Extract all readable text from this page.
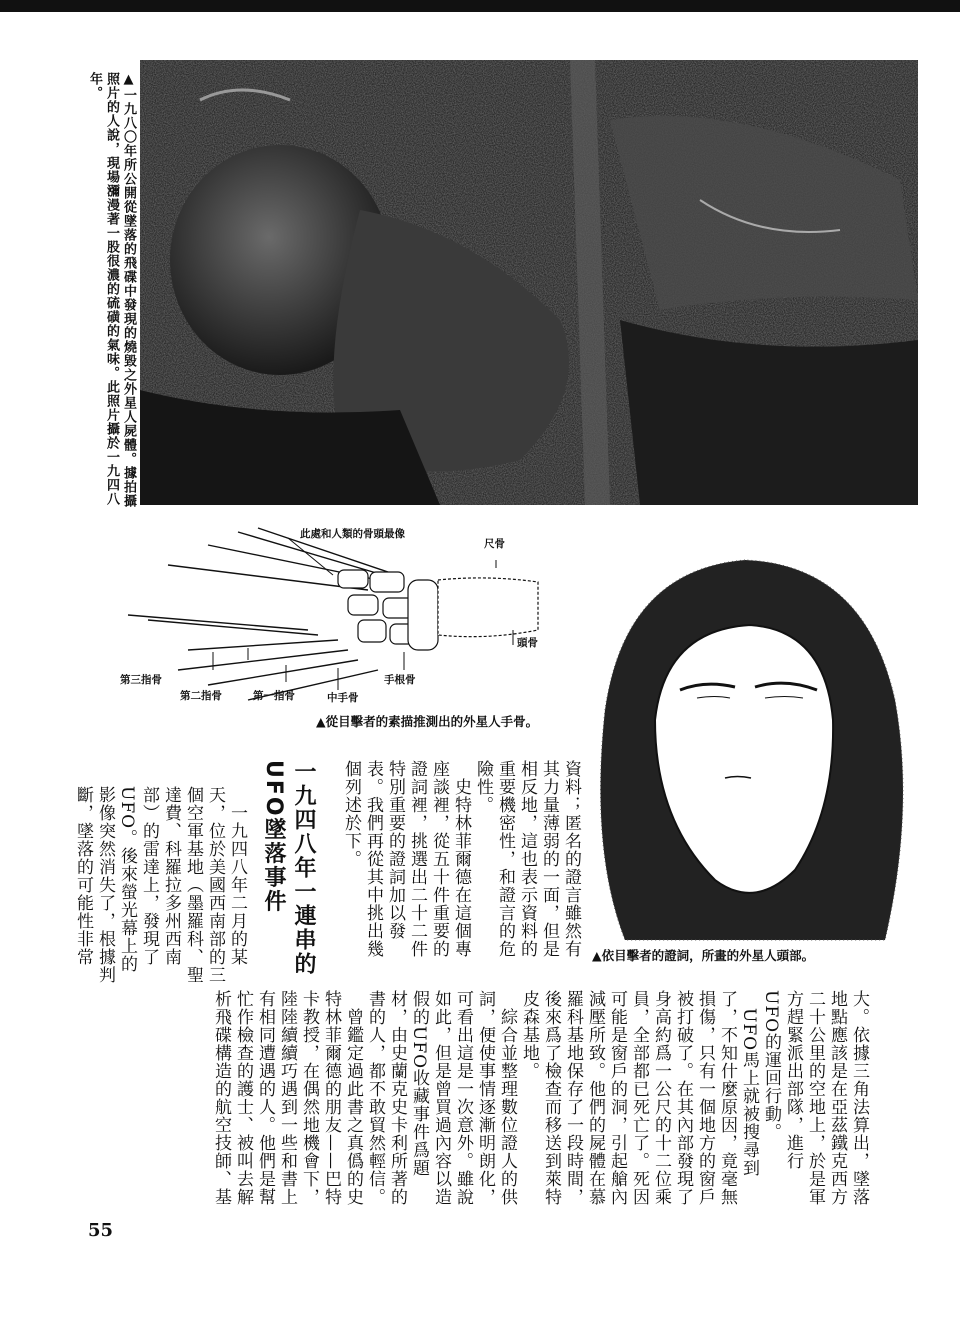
▲一九八〇年所公開從墜落的飛碟中發現的燒毀之外星人屍體。據拍攝照片的人說，現場瀰漫著一股很濃的硫磺的氣味。此照片攝於一九四八年。
此處和人類的骨頭最像
尺骨
頭骨
第三指骨
第二指骨	第一指骨	中手骨
手根骨
▲從目擊者的素描推測出的外星人手骨。
▲依目擊者的證詞，所畫的外星人頭部。
資料；匿名的證言雖然有其力量薄弱的一面，但是相反地，這也表示資料的重要機密性，和證言的危險性。
　史特林菲爾德在這個專座談裡，從五十件重要的證詞裡，挑選出二十二件特別重要的證詞加以發表。我們再從其中挑出幾個列述於下。
一九四八年一連串的UFO墜落事件
　一九四八年二月的某天，位於美國西南部的三個空軍基地（墨羅科、聖達費、科羅拉多州西南部）的雷達上，發現了UFO。後來螢光幕上的影像突然消失了，根據判斷，墜落的可能性非常
大。依據三角法算出，墜落地點應該是在亞茲鐵克西方二十公里的空地上，於是軍方趕緊派出部隊，進行UFO的運回行動。
　UFO馬上就被搜尋到了，不知什麼原因，竟毫無損傷，只有一個地方的窗戶被打破了。在其內部發現了身高約爲一公尺的十二位乘員，全部都已死亡了。死因可能是窗戶的洞，引起艙內減壓所致。他們的屍體在慕羅科基地保存了一段時間，後來爲了檢查而移送到萊特皮森基地。
　綜合並整理數位證人的供詞，便使事情逐漸明朗化，可看出這是一次意外。雖說如此，但是曾買過內容以造假的UFO收藏事件爲題材，由史蘭克史卡利所著的書的人，都不敢貿然輕信。
　曾鑑定過此書之真僞的史特林菲爾德的朋友——巴特卡教授，在偶然地機會下，陸陸續續巧遇到一些和書上有相同遭遇的人。他們是幫忙作檢查的護士、被叫去解析飛碟構造的航空技師、基
55
